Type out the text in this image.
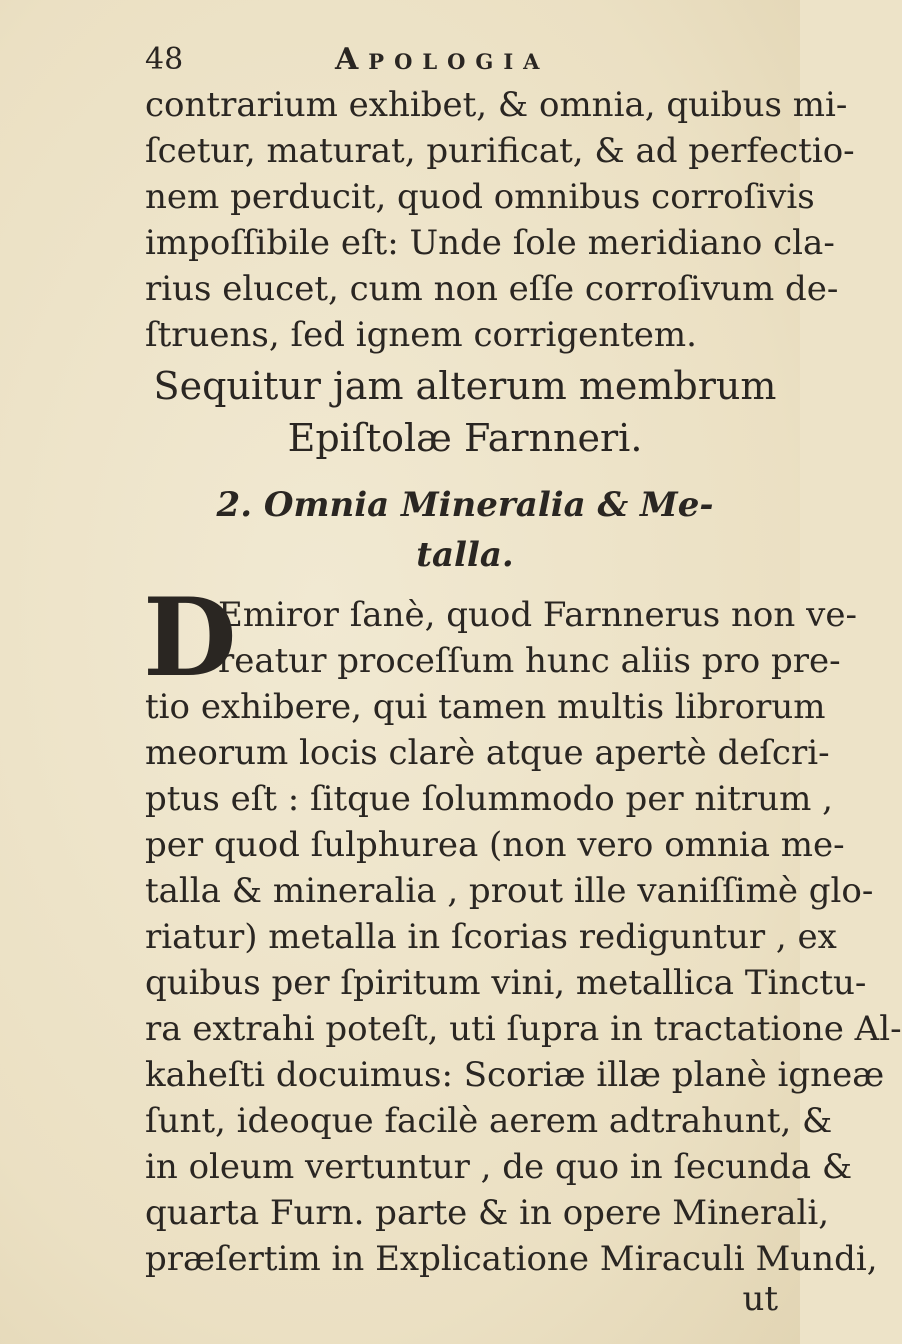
48	Apologia
contrarium exhibet, & omnia, quibus mi-
ſcetur, maturat, purificat, & ad perfectio-
nem perducit, quod omnibus corroſivis
impoſſibile eſt: Unde ſole meridiano cla-
rius elucet, cum non eſſe corroſivum de-
ſtruens, ſed ignem corrigentem.
Sequitur jam alterum membrum
Epiſtolæ Farnneri.
2. Omnia Mineralia & Me-
talla.
D
Emiror ſanè, quod Farnnerus non ve-
reatur proceſſum hunc aliis pro pre-
tio exhibere, qui tamen multis librorum
meorum locis clarè atque apertè deſcri-
ptus eſt : ſitque ſolummodo per nitrum ,
per quod ſulphurea (non vero omnia me-
talla & mineralia , prout ille vaniſſimè glo-
riatur) metalla in ſcorias rediguntur , ex
quibus per ſpiritum vini, metallica Tinctu-
ra extrahi poteſt, uti ſupra in tractatione Al-
kaheſti docuimus: Scoriæ illæ planè igneæ
ſunt, ideoque facilè aerem adtrahunt, &
in oleum vertuntur , de quo in ſecunda &
quarta Furn. parte & in opere Minerali,
præſertim in Explicatione Miraculi Mundi,
ut
